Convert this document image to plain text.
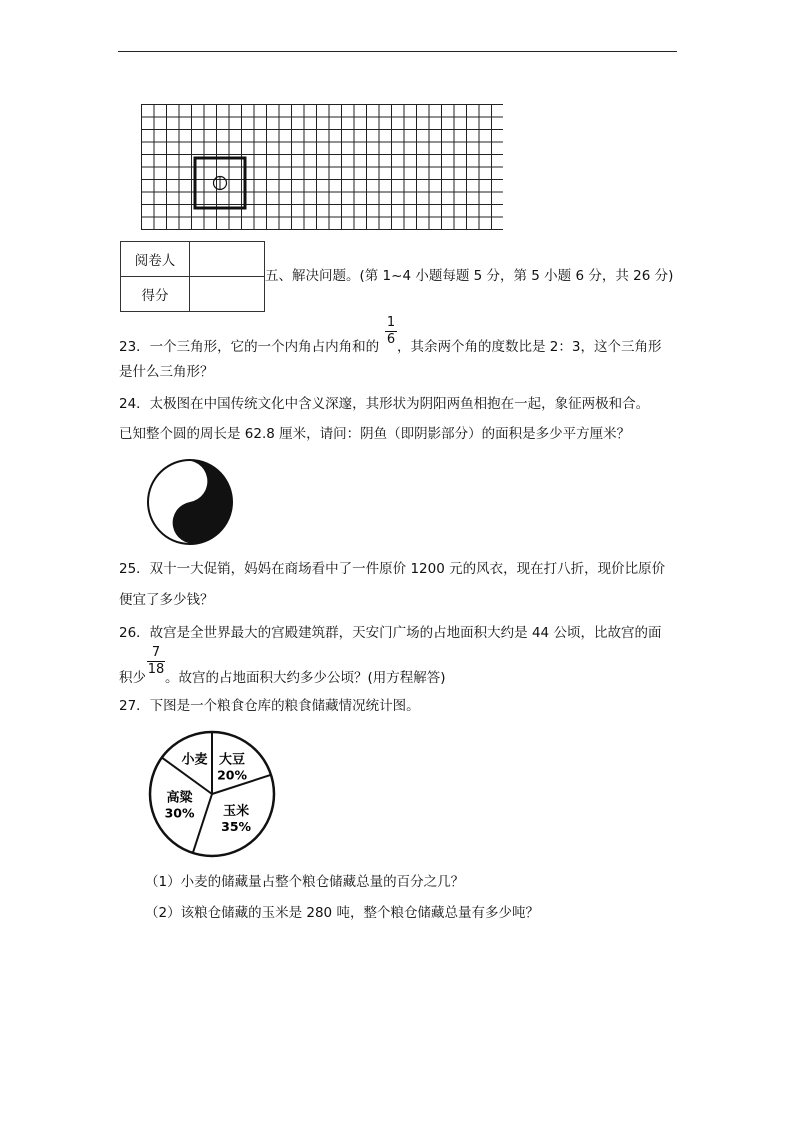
阅卷人	
得分	
五、解决问题。(第 1~4 小题每题 5 分，第 5 小题 6 分，共 26 分)
23．一个三角形，它的一个内角占内角和的
1
6 ，其余两个角的度数比是 2：3，这个三角形
是什么三角形？
24．太极图在中国传统文化中含义深邃，其形状为阴阳两鱼相抱在一起，象征两极和合。
已知整个圆的周长是 62.8 厘米，请问：阴鱼（即阴影部分）的面积是多少平方厘米？
25．双十一大促销，妈妈在商场看中了一件原价 1200 元的风衣，现在打八折，现价比原价
便宜了多少钱？
26．故宫是全世界最大的宫殿建筑群，天安门广场的占地面积大约是 44 公顷，比故宫的面
积少
7
18
。故宫的占地面积大约多少公顷？(用方程解答)
27．下图是一个粮食仓库的粮食储藏情况统计图。
大豆
20%
玉米
35%
高粱
30%
小麦
（1）小麦的储藏量占整个粮仓储藏总量的百分之几？
（2）该粮仓储藏的玉米是 280 吨，整个粮仓储藏总量有多少吨？
